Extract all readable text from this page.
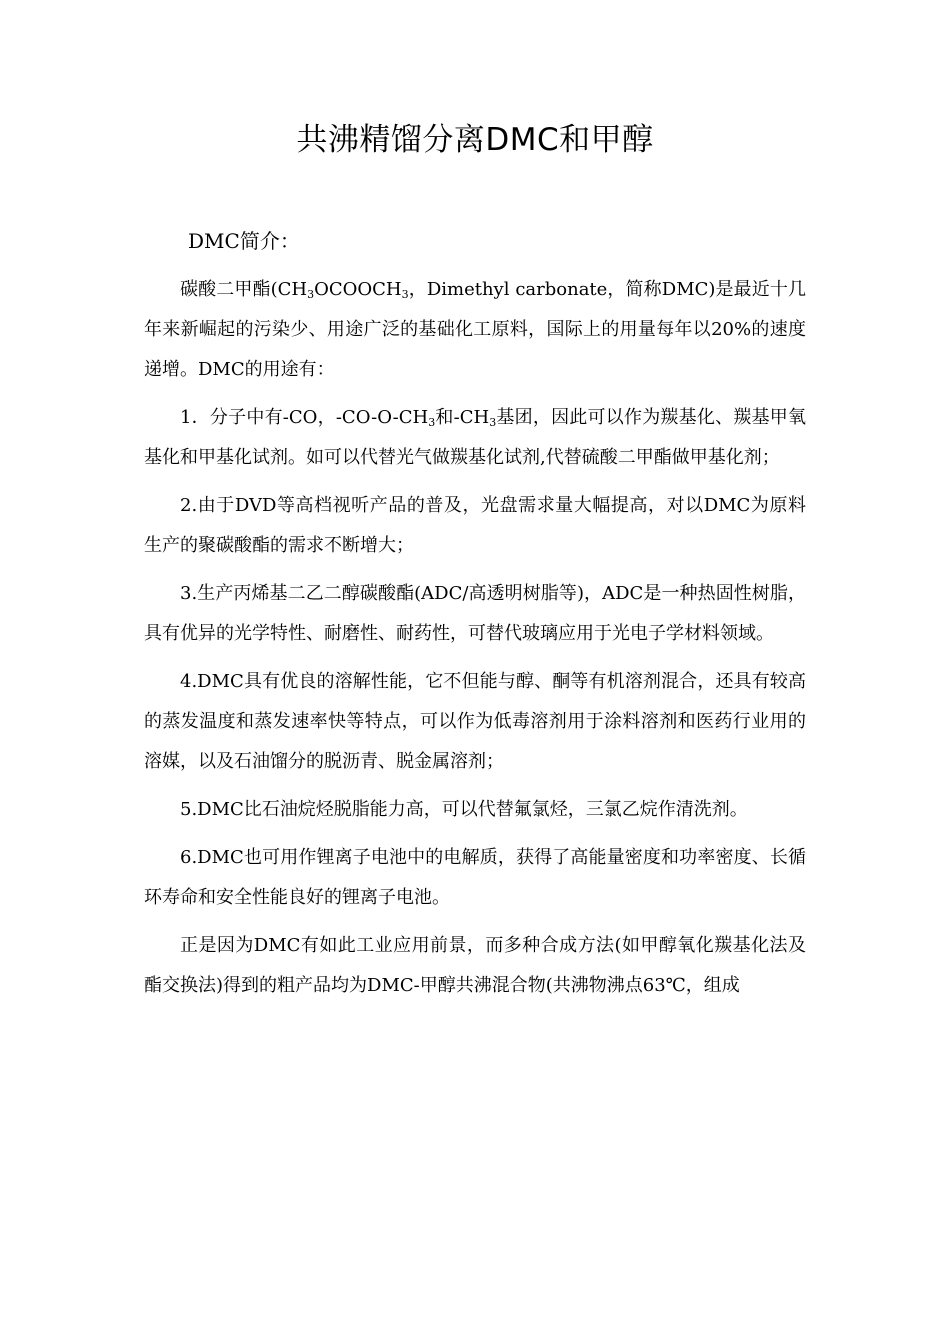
共沸精馏分离DMC和甲醇
DMC简介：

碳酸二甲酯($CH_3OCOOCH_3$，Dimethyl carbonate，简称DMC)是最近十几年来新崛起的污染少、用途广泛的基础化工原料，国际上的用量每年以20%的速度递增。DMC的用途有：

1．分子中有-CO，$-CO-O-CH_3$和$-CH_3$基团，因此可以作为羰基化、羰基甲氧基化和甲基化试剂。如可以代替光气做羰基化试剂,代替硫酸二甲酯做甲基化剂；

2.由于DVD等高档视听产品的普及，光盘需求量大幅提高，对以DMC为原料生产的聚碳酸酯的需求不断增大；

3.生产丙烯基二乙二醇碳酸酯(ADC/高透明树脂等)，ADC是一种热固性树脂，具有优异的光学特性、耐磨性、耐药性，可替代玻璃应用于光电子学材料领域。

4.DMC具有优良的溶解性能，它不但能与醇、酮等有机溶剂混合，还具有较高的蒸发温度和蒸发速率快等特点，可以作为低毒溶剂用于涂料溶剂和医药行业用的溶媒，以及石油馏分的脱沥青、脱金属溶剂；

5.DMC比石油烷烃脱脂能力高，可以代替氟氯烃，三氯乙烷作清洗剂。

6.DMC也可用作锂离子电池中的电解质，获得了高能量密度和功率密度、长循环寿命和安全性能良好的锂离子电池。

正是因为DMC有如此工业应用前景，而多种合成方法(如甲醇氧化羰基化法及酯交换法)得到的粗产品均为DMC-甲醇共沸混合物(共沸物沸点63℃，组成
